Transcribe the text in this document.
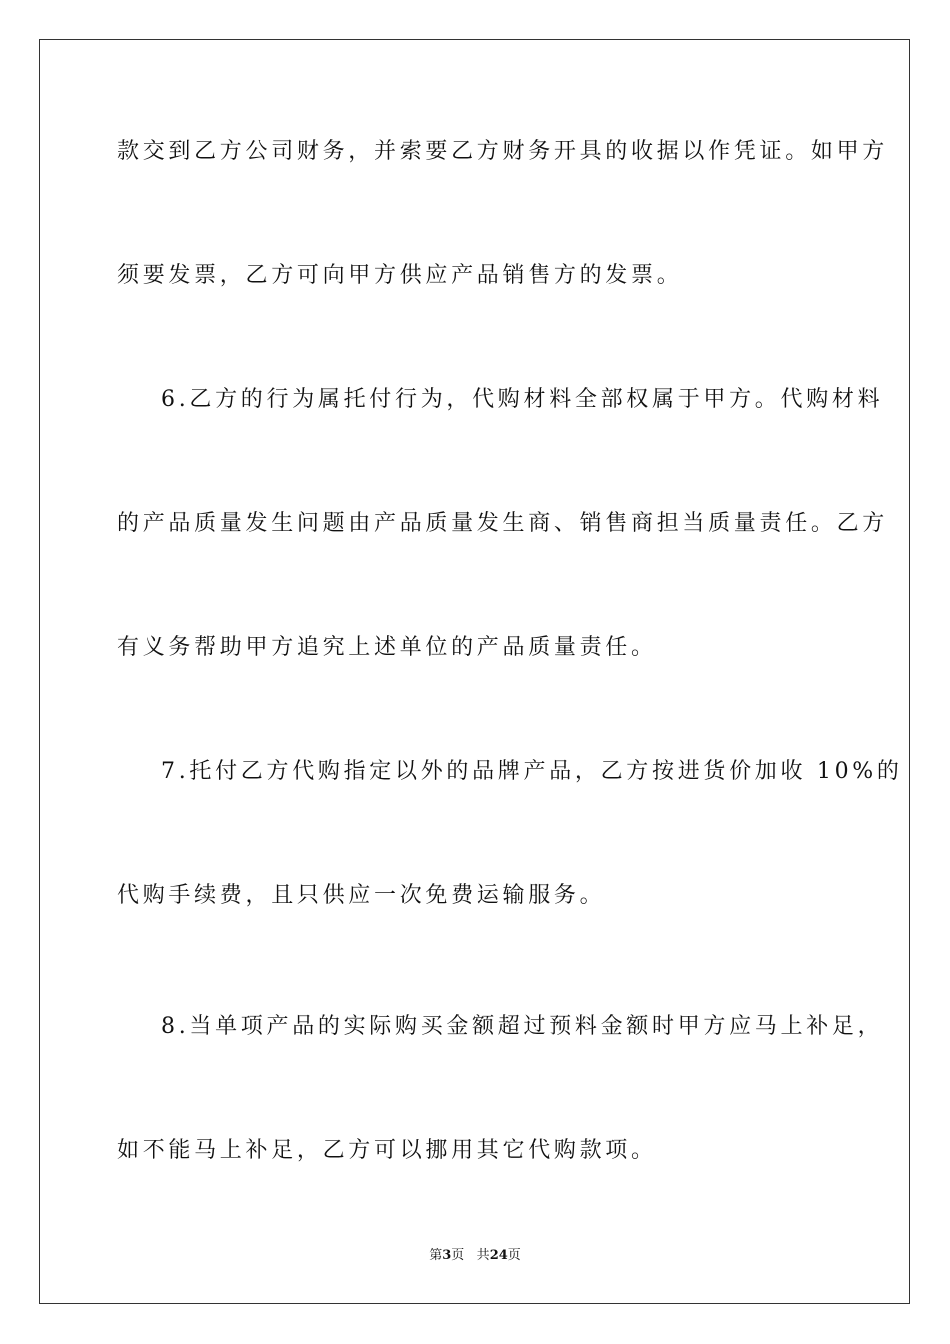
款交到乙方公司财务，并索要乙方财务开具的收据以作凭证。如甲方
须要发票，乙方可向甲方供应产品销售方的发票。
6.乙方的行为属托付行为，代购材料全部权属于甲方。代购材料
的产品质量发生问题由产品质量发生商、销售商担当质量责任。乙方
有义务帮助甲方追究上述单位的产品质量责任。
7.托付乙方代购指定以外的品牌产品，乙方按进货价加收 10%的
代购手续费，且只供应一次免费运输服务。
8.当单项产品的实际购买金额超过预料金额时甲方应马上补足，
如不能马上补足，乙方可以挪用其它代购款项。
第3页 共24页
